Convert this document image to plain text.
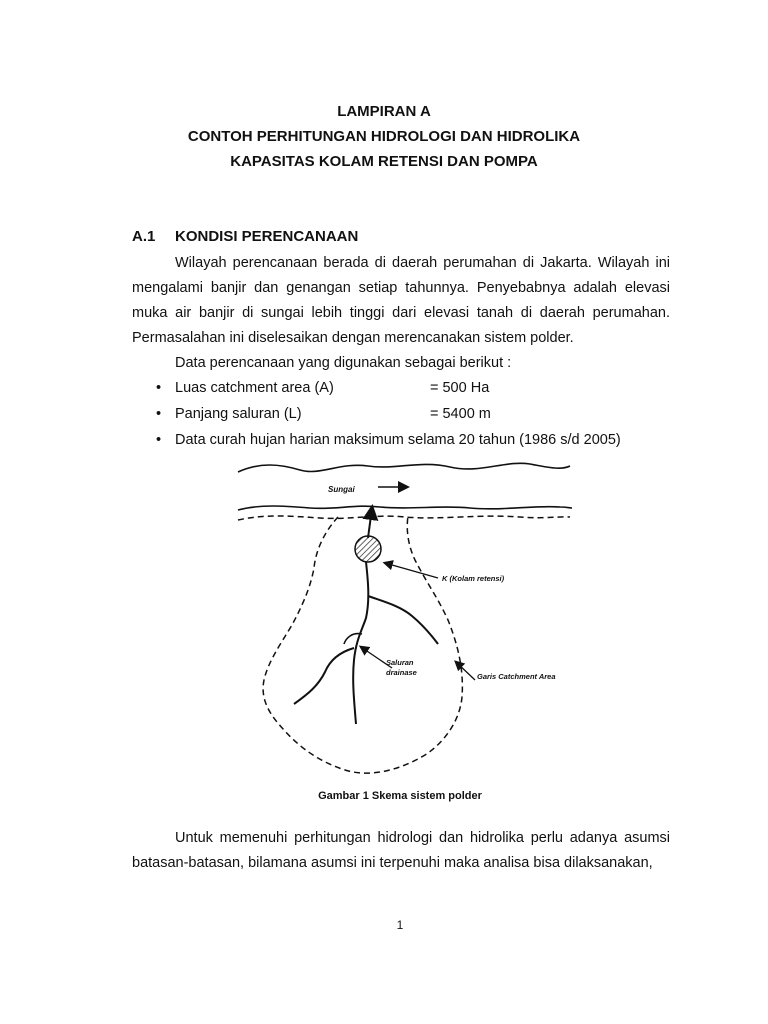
LAMPIRAN A
CONTOH PERHITUNGAN HIDROLOGI DAN HIDROLIKA
KAPASITAS KOLAM RETENSI DAN POMPA
A.1 KONDISI PERENCANAAN

Wilayah perencanaan berada di daerah perumahan di Jakarta. Wilayah ini mengalami banjir dan genangan setiap tahunnya. Penyebabnya adalah elevasi muka air banjir di sungai lebih tinggi dari elevasi tanah di daerah perumahan. Permasalahan ini diselesaikan dengan merencanakan sistem polder.

Data perencanaan yang digunakan sebagai berikut :

• Luas catchment area (A)	= 500 Ha
• Panjang saluran (L)	= 5400 m
• Data curah hujan harian maksimum selama 20 tahun (1986 s/d 2005)
Sungai
K (Kolam retensi)
Saluran
drainase	Garis Catchment Area
Gambar 1 Skema sistem polder

Untuk memenuhi perhitungan hidrologi dan hidrolika perlu adanya asumsi batasan-batasan, bilamana asumsi ini terpenuhi maka analisa bisa dilaksanakan,

1
